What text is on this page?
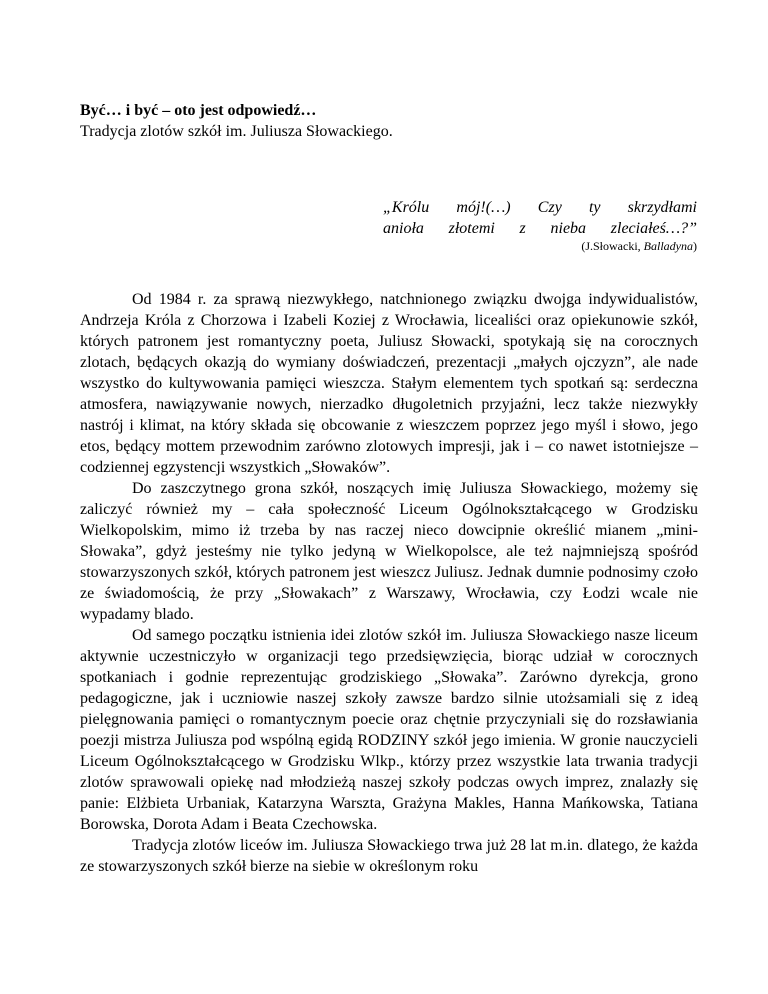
Być… i być – oto jest odpowiedź…
Tradycja zlotów szkół im. Juliusza Słowackiego.

„Królu mój!(…) Czy ty skrzydłami

anioła złotemi z nieba zleciałeś…?”

(J.Słowacki, Balladyna)

Od 1984 r. za sprawą niezwykłego, natchnionego związku dwojga indywidualistów, Andrzeja Króla z Chorzowa i Izabeli Koziej z Wrocławia, licealiści oraz opiekunowie szkół, których patronem jest romantyczny poeta, Juliusz Słowacki, spotykają się na corocznych zlotach, będących okazją do wymiany doświadczeń, prezentacji „małych ojczyzn”, ale nade wszystko do kultywowania pamięci wieszcza. Stałym elementem tych spotkań są: serdeczna atmosfera, nawiązywanie nowych, nierzadko długoletnich przyjaźni, lecz także niezwykły nastrój i klimat, na który składa się obcowanie z wieszczem poprzez jego myśl i słowo, jego etos, będący mottem przewodnim zarówno zlotowych impresji, jak i – co nawet istotniejsze – codziennej egzystencji wszystkich „Słowaków”.

Do zaszczytnego grona szkół, noszących imię Juliusza Słowackiego, możemy się zaliczyć również my – cała społeczność Liceum Ogólnokształcącego w Grodzisku Wielkopolskim, mimo iż trzeba by nas raczej nieco dowcipnie określić mianem „mini-Słowaka”, gdyż jesteśmy nie tylko jedyną w Wielkopolsce, ale też najmniejszą spośród stowarzyszonych szkół, których patronem jest wieszcz Juliusz. Jednak dumnie podnosimy czoło ze świadomością, że przy „Słowakach” z Warszawy, Wrocławia, czy Łodzi wcale nie wypadamy blado.

Od samego początku istnienia idei zlotów szkół im. Juliusza Słowackiego nasze liceum aktywnie uczestniczyło w organizacji tego przedsięwzięcia, biorąc udział w corocznych spotkaniach i godnie reprezentując grodziskiego „Słowaka”. Zarówno dyrekcja, grono pedagogiczne, jak i uczniowie naszej szkoły zawsze bardzo silnie utożsamiali się z ideą pielęgnowania pamięci o romantycznym poecie oraz chętnie przyczyniali się do rozsławiania poezji mistrza Juliusza pod wspólną egidą RODZINY szkół jego imienia. W gronie nauczycieli Liceum Ogólnokształcącego w Grodzisku Wlkp., którzy przez wszystkie lata trwania tradycji zlotów sprawowali opiekę nad młodzieżą naszej szkoły podczas owych imprez, znalazły się panie: Elżbieta Urbaniak, Katarzyna Warszta, Grażyna Makles, Hanna Mańkowska, Tatiana Borowska, Dorota Adam i Beata Czechowska.

Tradycja zlotów liceów im. Juliusza Słowackiego trwa już 28 lat m.in. dlatego, że każda ze stowarzyszonych szkół bierze na siebie w określonym roku
